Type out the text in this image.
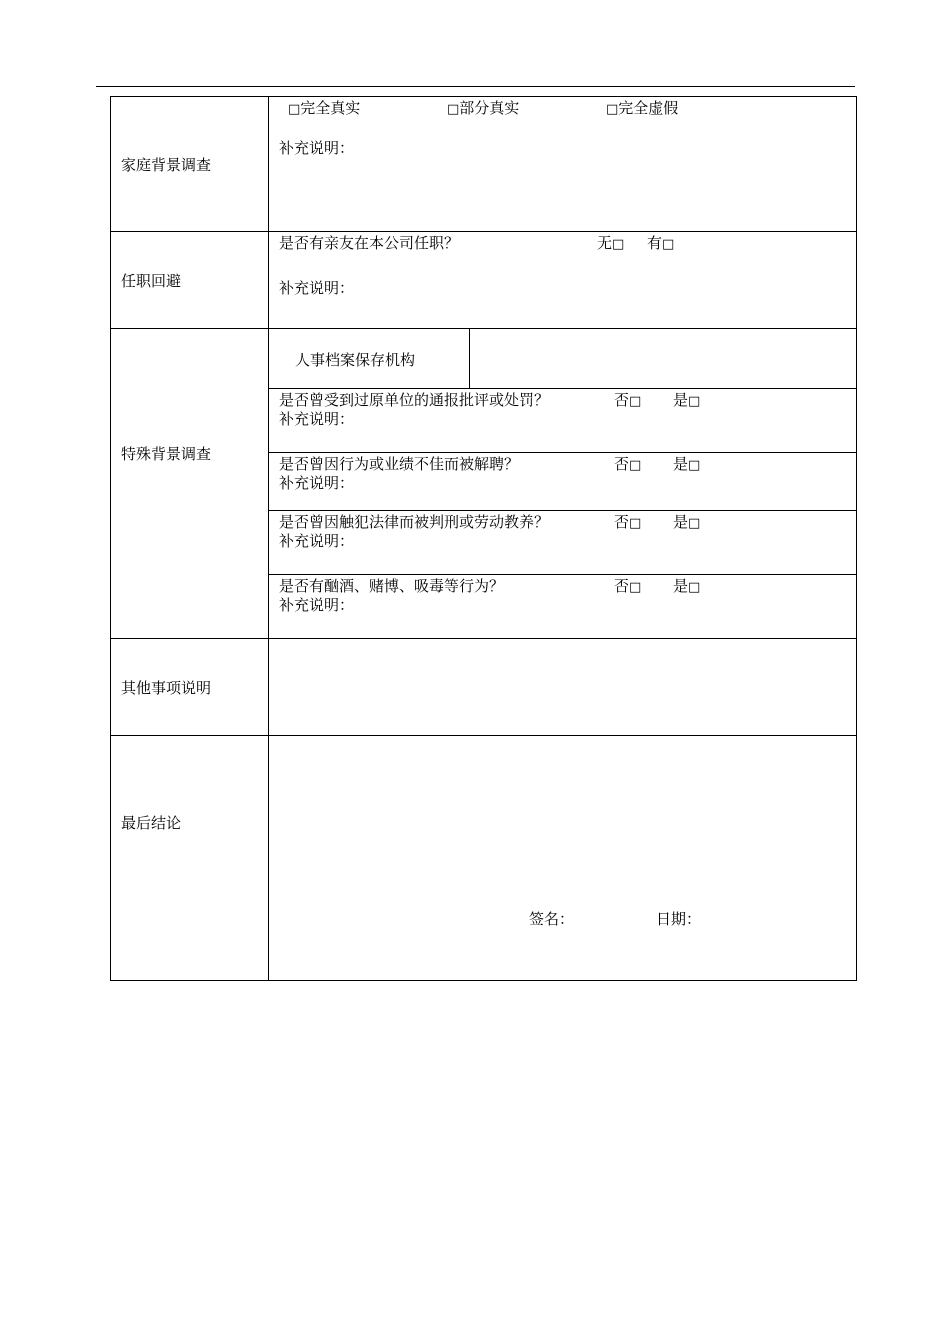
家庭背景调查
□完全真实	□部分真实	□完全虚假
补充说明：
任职回避
是否有亲友在本公司任职？	无□ 有□
补充说明：
特殊背景调查
人事档案保存机构
是否曾受到过原单位的通报批评或处罚？	否□ 是□
补充说明：
是否曾因行为或业绩不佳而被解聘？	否□ 是□
补充说明：
是否曾因触犯法律而被判刑或劳动教养？	否□ 是□
补充说明：
是否有酗酒、赌博、吸毒等行为？	否□ 是□
补充说明：
其他事项说明
最后结论
签名：	日期：
